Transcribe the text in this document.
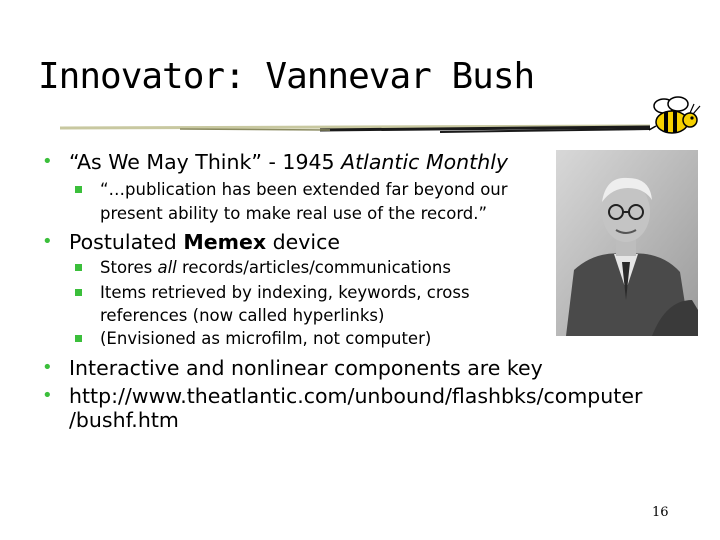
Innovator: Vannevar Bush
• “As We May Think” - 1945 Atlantic Monthly
“…publication has been extended far beyond our
present ability to make real use of the record.”
• Postulated Memex device
Stores all records/articles/communications
Items retrieved by indexing, keywords, cross
references (now called hyperlinks)
(Envisioned as microfilm, not computer)
• Interactive and nonlinear components are key
• http://www.theatlantic.com/unbound/flashbks/computer
/bushf.htm
16
